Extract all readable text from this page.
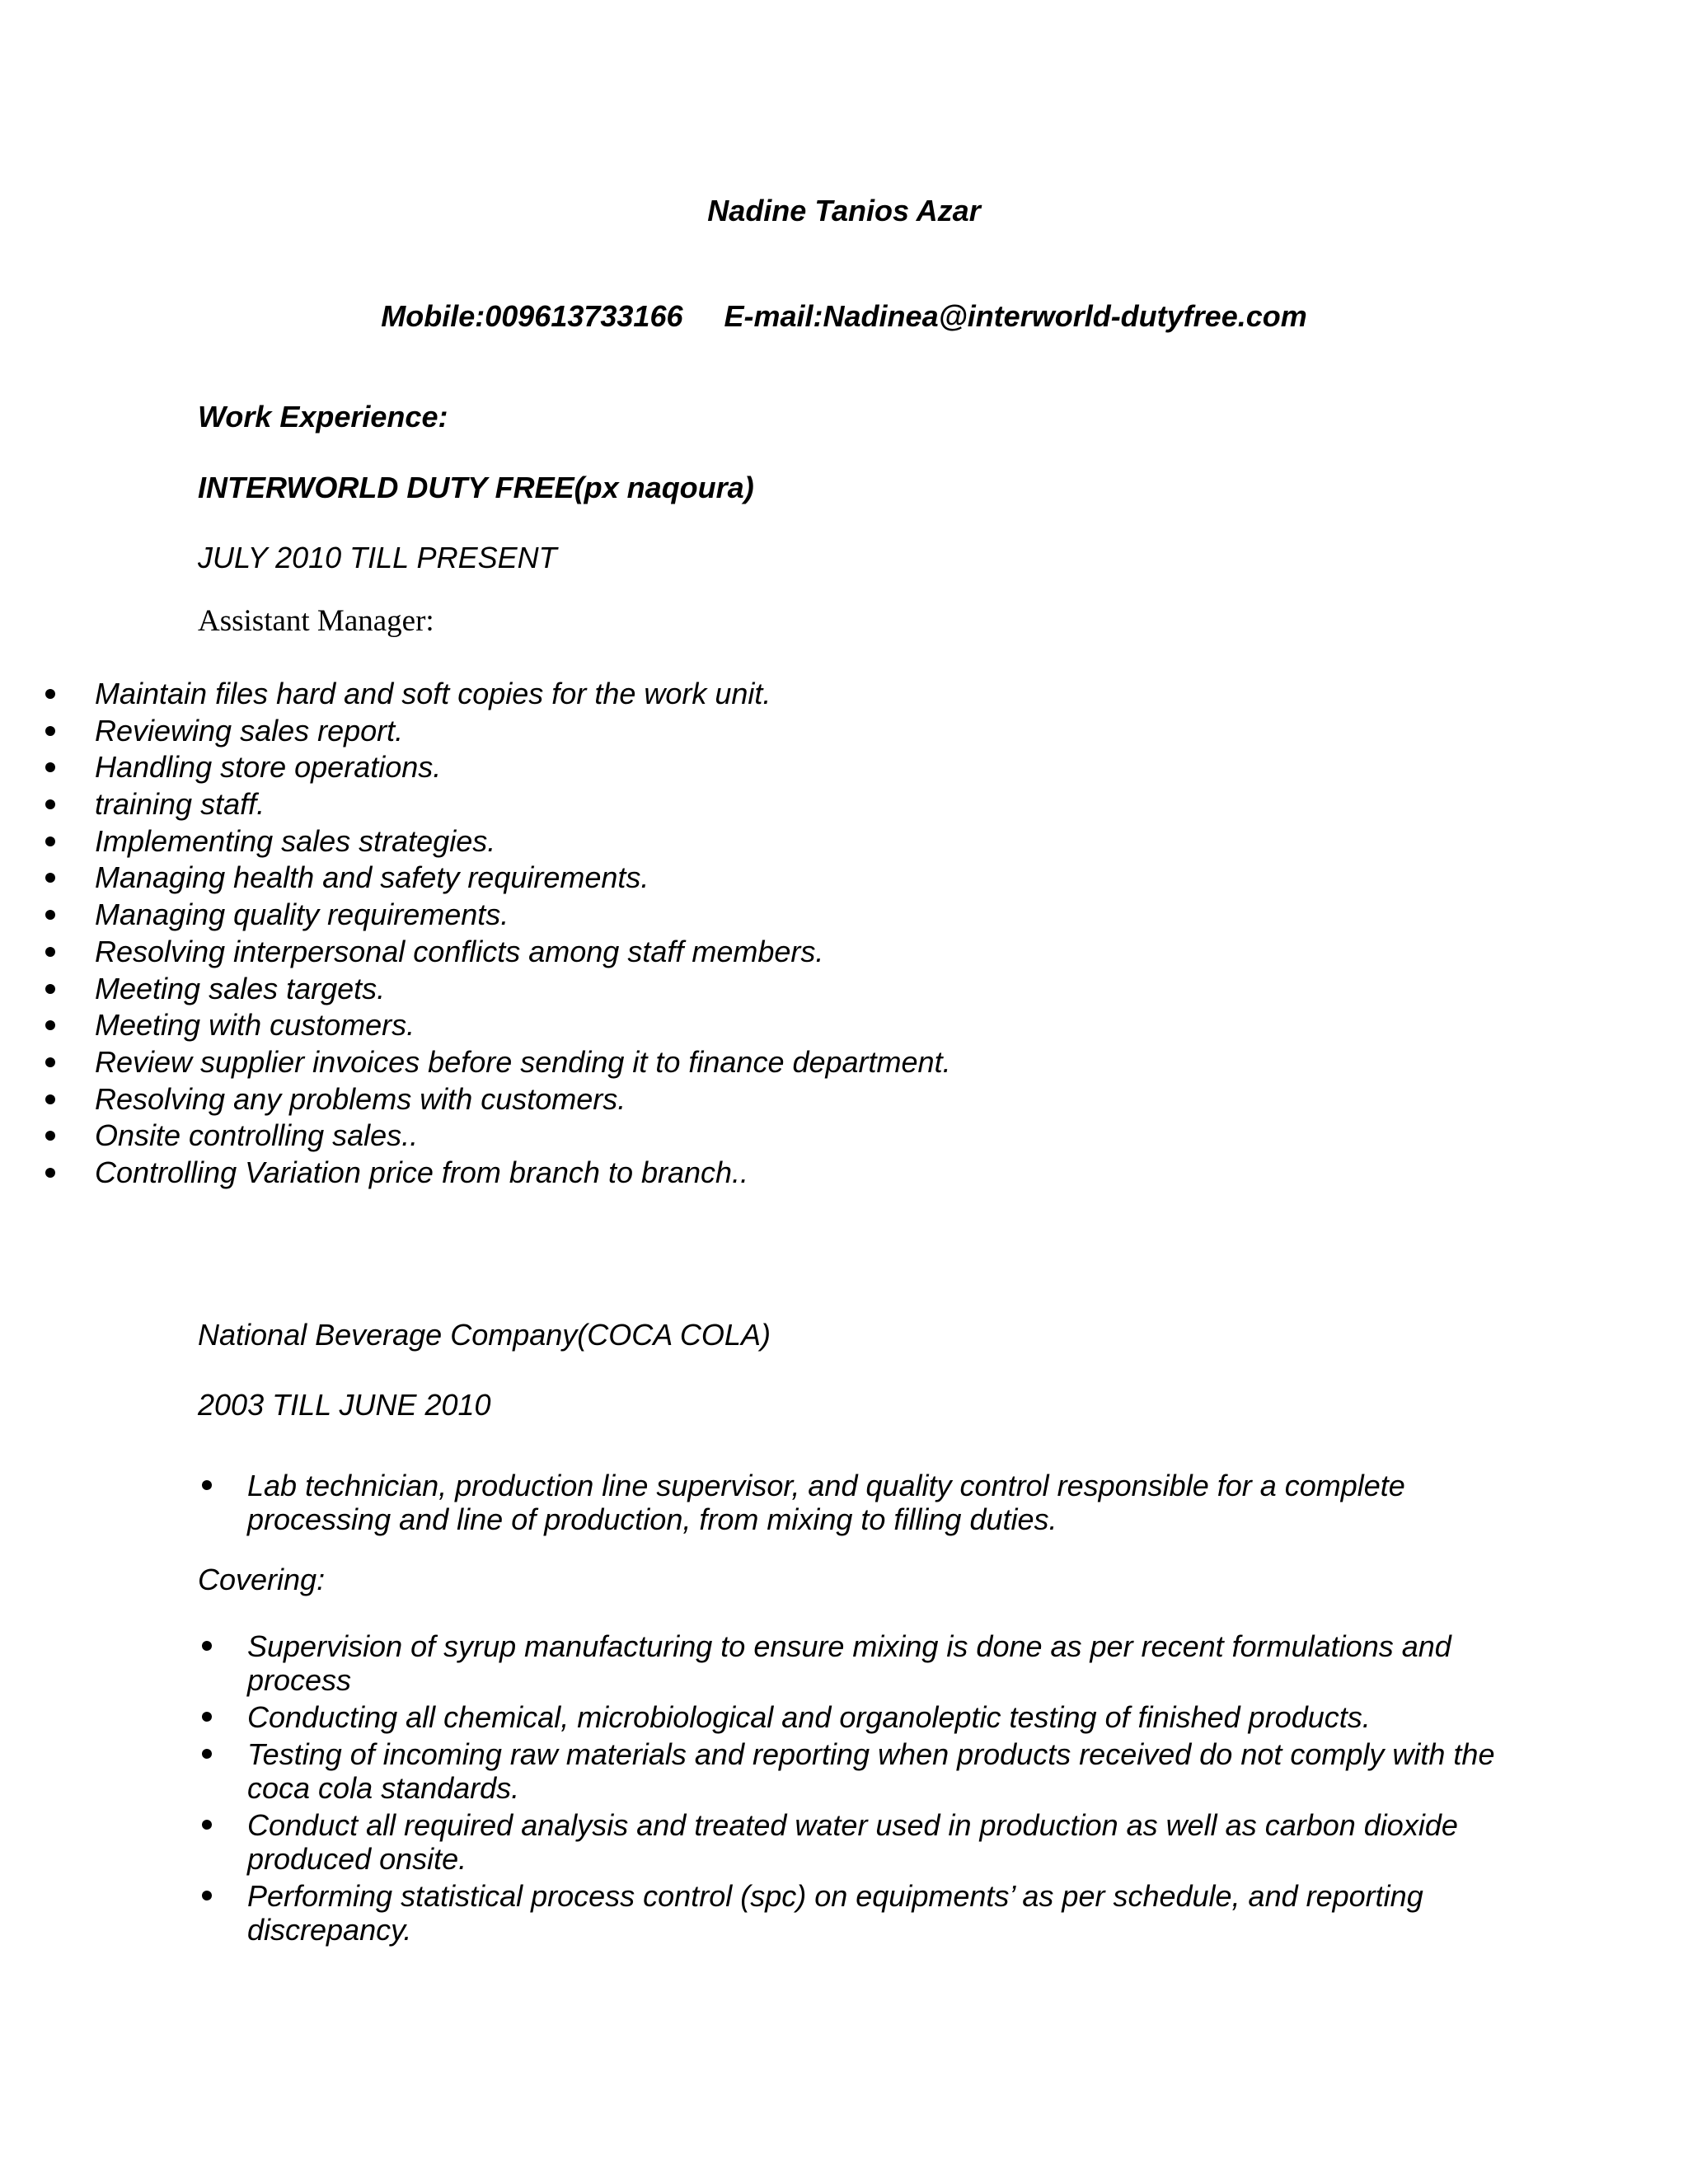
Nadine Tanios Azar
Mobile:009613733166 E-mail:Nadinea@interworld-dutyfree.com
Work Experience:
INTERWORLD DUTY FREE(px naqoura)
JULY 2010 TILL PRESENT
Assistant Manager:
Maintain files hard and soft copies for the work unit.
Reviewing sales report.
Handling store operations.
training staff.
Implementing sales strategies.
Managing health and safety requirements.
Managing quality requirements.
Resolving interpersonal conflicts among staff members.
Meeting sales targets.
Meeting with customers.
Review supplier invoices before sending it to finance department.
Resolving any problems with customers.
Onsite controlling sales..
Controlling Variation price from branch to branch..
National Beverage Company(COCA COLA)
2003 TILL JUNE 2010
Lab technician, production line supervisor, and quality control responsible for a complete processing and line of production, from mixing to filling duties.
Covering:
Supervision of syrup manufacturing to ensure mixing is done as per recent formulations and process
Conducting all chemical, microbiological and organoleptic testing of finished products.
Testing of incoming raw materials and reporting when products received do not comply with the coca cola standards.
Conduct all required analysis and treated water used in production as well as carbon dioxide produced onsite.
Performing statistical process control (spc) on equipments’ as per schedule, and reporting discrepancy.
